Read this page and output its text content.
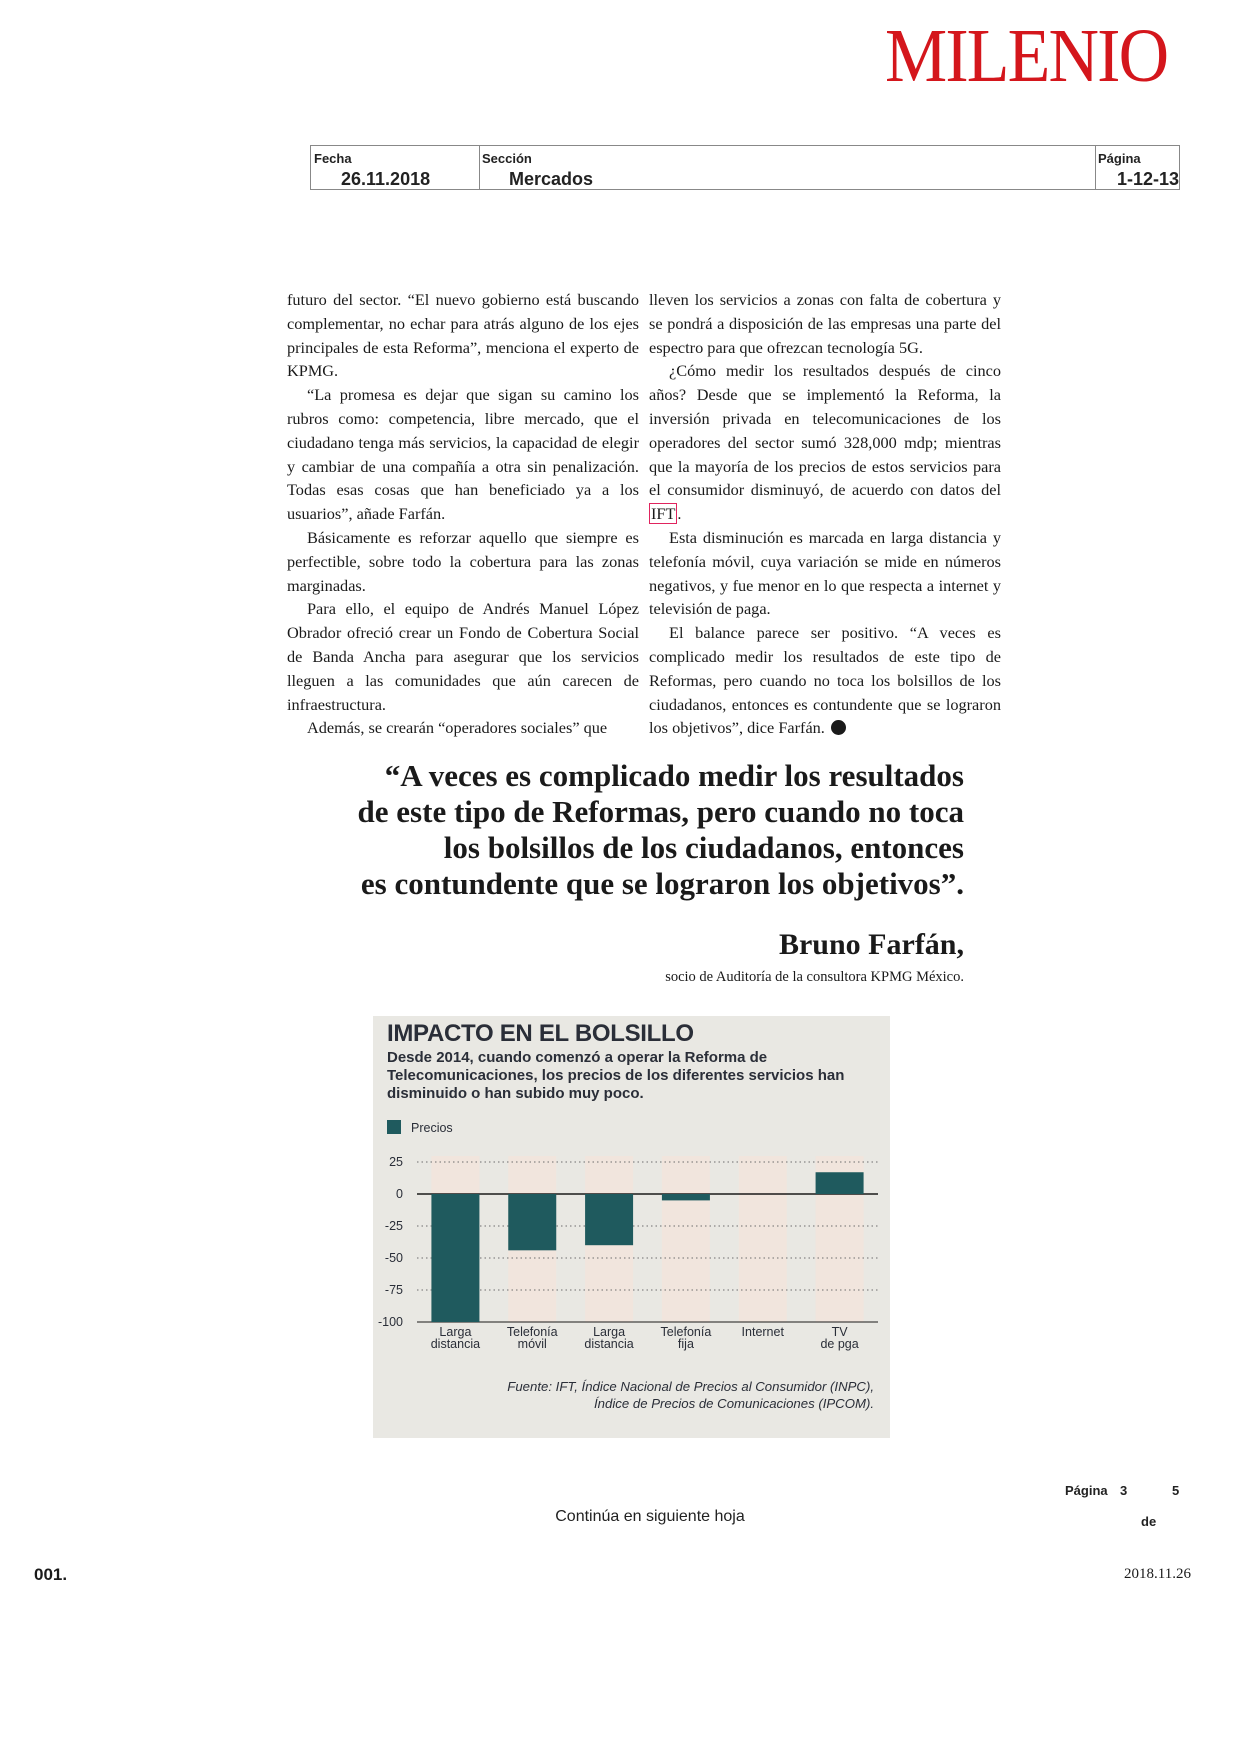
MILENIO
Fecha
26.11.2018
Sección
Mercados
Página
1-12-13

futuro del sector. “El nuevo gobierno está buscando complementar, no echar para atrás alguno de los ejes principales de esta Reforma”, menciona el experto de KPMG.

“La promesa es dejar que sigan su camino los rubros como: competencia, libre mercado, que el ciudadano tenga más servicios, la capacidad de elegir y cambiar de una compañía a otra sin penalización. Todas esas cosas que han beneficiado ya a los usuarios”, añade Farfán.

Básicamente es reforzar aquello que siempre es perfectible, sobre todo la cobertura para las zonas marginadas.

Para ello, el equipo de Andrés Manuel López Obrador ofreció crear un Fondo de Cobertura Social de Banda Ancha para asegurar que los servicios lleguen a las comunidades que aún carecen de infraestructura.

Además, se crearán “operadores sociales” que

lleven los servicios a zonas con falta de cobertura y se pondrá a disposición de las empresas una parte del espectro para que ofrezcan tecnología 5G.

¿Cómo medir los resultados después de cinco años? Desde que se implementó la Reforma, la inversión privada en telecomunicaciones de los operadores del sector sumó 328,000 mdp; mientras que la mayoría de los precios de estos servicios para el consumidor disminuyó, de acuerdo con datos del IFT .

Esta disminución es marcada en larga distancia y telefonía móvil, cuya variación se mide en números negativos, y fue menor en lo que respecta a internet y televisión de paga.

El balance parece ser positivo. “A veces es complicado medir los resultados de este tipo de Reformas, pero cuando no toca los bolsillos de los ciudadanos, entonces es contundente que se lograron los objetivos”, dice Farfán.

“A veces es complicado medir los resultados
de este tipo de Reformas, pero cuando no toca
los bolsillos de los ciudadanos, entonces
es contundente que se lograron los objetivos”.
Bruno Farfán,
socio de Auditoría de la consultora KPMG México.
IMPACTO EN EL BOLSILLO
Desde 2014, cuando comenzó a operar la Reforma de Telecomunicaciones, los precios de los diferentes servicios han disminuido o han subido muy poco.
Precios
25
0
-25
-50
-75
-100
Larga distancia
Telefonía móvil
Larga distancia
Telefonía fija
Internet	TV de pga
Fuente: IFT, Índice Nacional de Precios al Consumidor (INPC),
Índice de Precios de Comunicaciones (IPCOM).
Página 3	5
de
Continúa en siguiente hoja
001.	2018.11.26
